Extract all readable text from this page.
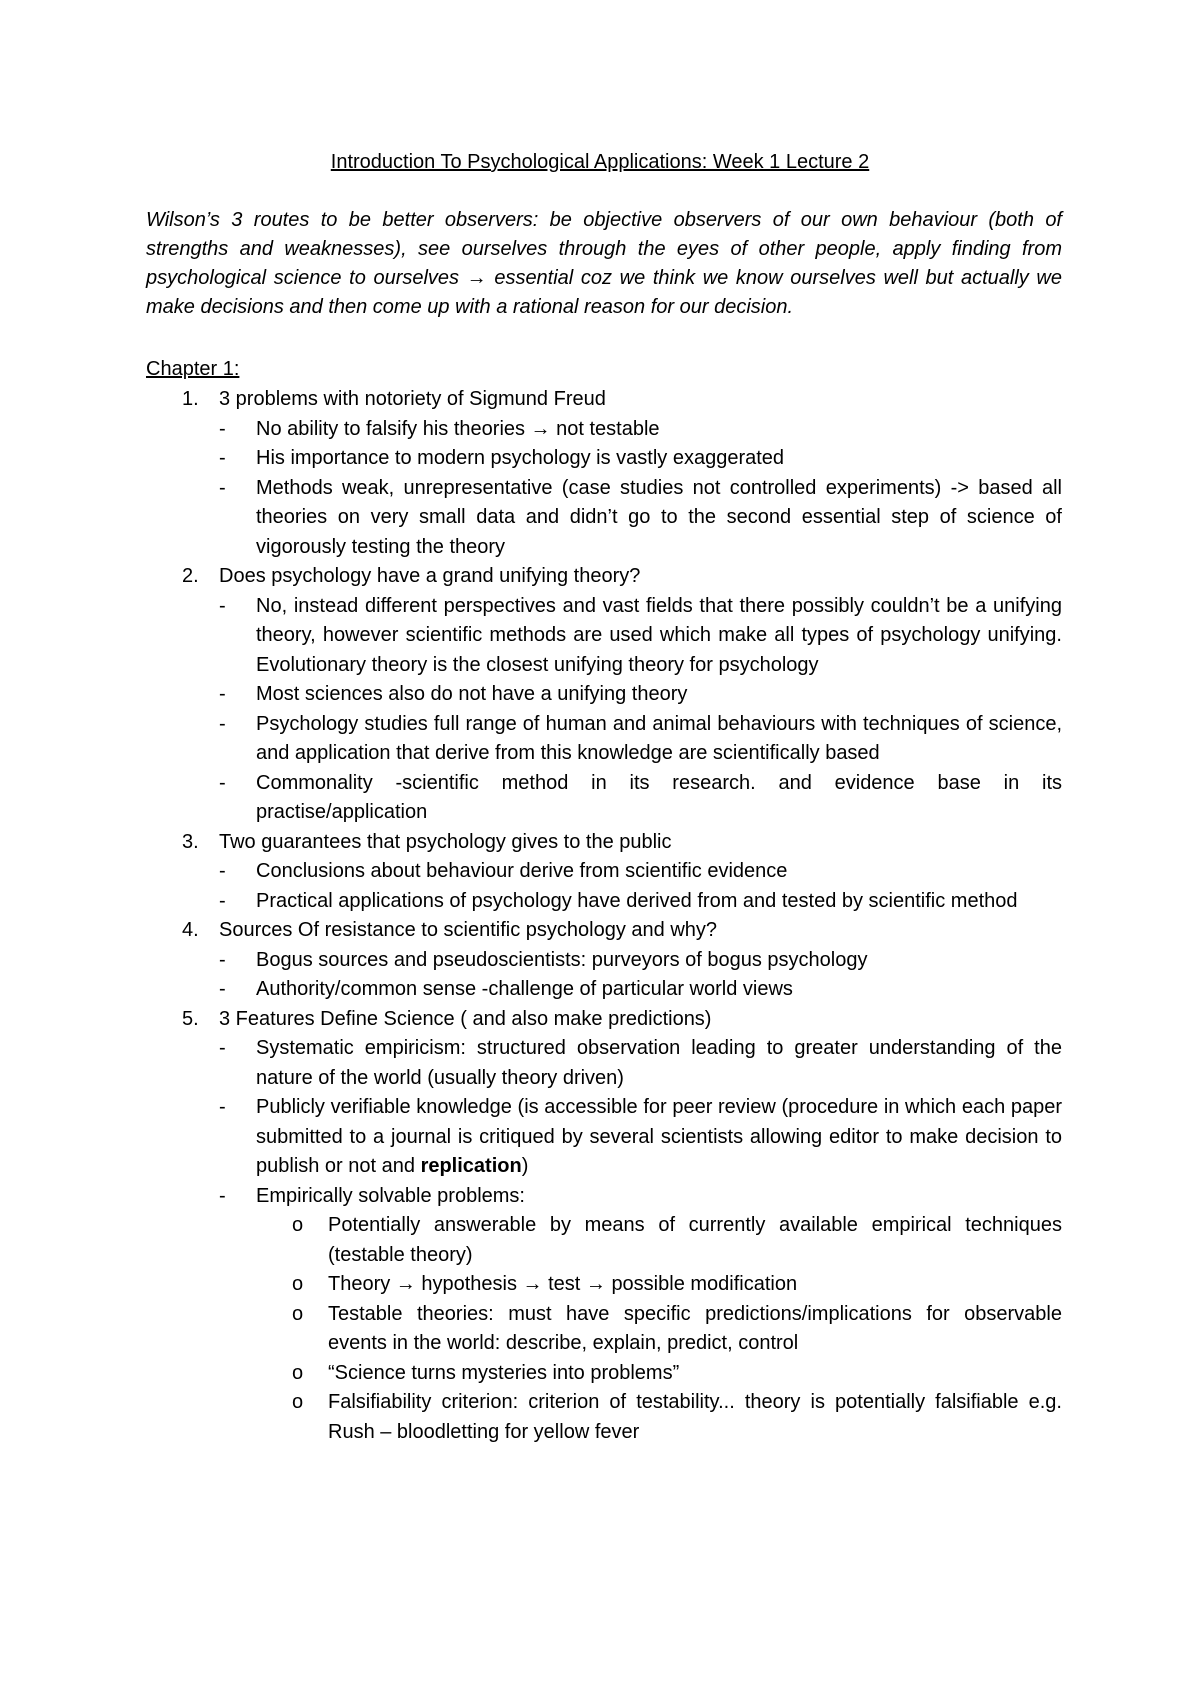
Introduction To Psychological Applications: Week 1 Lecture 2
Wilson’s 3 routes to be better observers: be objective observers of our own behaviour (both of strengths and weaknesses), see ourselves through the eyes of other people, apply finding from psychological science to ourselves → essential coz we think we know ourselves well but actually we make decisions and then come up with a rational reason for our decision.
Chapter 1:
1. 3 problems with notoriety of Sigmund Freud
- No ability to falsify his theories → not testable
- His importance to modern psychology is vastly exaggerated
- Methods weak, unrepresentative (case studies not controlled experiments) -> based all theories on very small data and didn’t go to the second essential step of science of vigorously testing the theory
2. Does psychology have a grand unifying theory?
- No, instead different perspectives and vast fields that there possibly couldn’t be a unifying theory, however scientific methods are used which make all types of psychology unifying. Evolutionary theory is the closest unifying theory for psychology
- Most sciences also do not have a unifying theory
- Psychology studies full range of human and animal behaviours with techniques of science, and application that derive from this knowledge are scientifically based
- Commonality -scientific method in its research. and evidence base in its practise/application
3. Two guarantees that psychology gives to the public
- Conclusions about behaviour derive from scientific evidence
- Practical applications of psychology have derived from and tested by scientific method
4. Sources Of resistance to scientific psychology and why?
- Bogus sources and pseudoscientists: purveyors of bogus psychology
- Authority/common sense -challenge of particular world views
5. 3 Features Define Science ( and also make predictions)
- Systematic empiricism: structured observation leading to greater understanding of the nature of the world (usually theory driven)
- Publicly verifiable knowledge (is accessible for peer review (procedure in which each paper submitted to a journal is critiqued by several scientists allowing editor to make decision to publish or not and replication)
- Empirically solvable problems:
o Potentially answerable by means of currently available empirical techniques (testable theory)
o Theory → hypothesis → test → possible modification
o Testable theories: must have specific predictions/implications for observable events in the world: describe, explain, predict, control
o “Science turns mysteries into problems”
o Falsifiability criterion: criterion of testability... theory is potentially falsifiable e.g. Rush – bloodletting for yellow fever
